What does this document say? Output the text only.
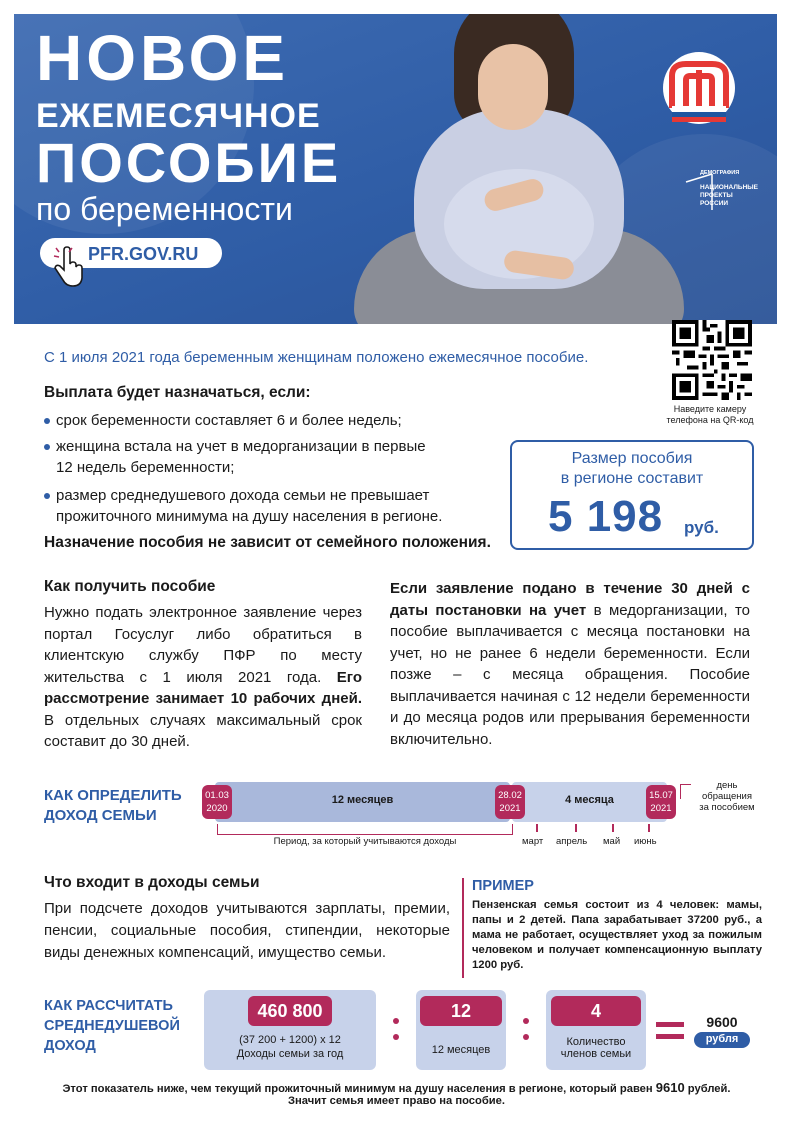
НОВОЕ
ЕЖЕМЕСЯЧНОЕ
ПОСОБИЕ
по беременности
PFR.GOV.RU
ДЕМОГРАФИЯ
НАЦИОНАЛЬНЫЕ
ПРОЕКТЫ
РОССИИ
С 1 июля 2021 года беременным женщинам положено ежемесячное пособие.
Наведите камеру
телефона на QR-код
Выплата будет назначаться, если:
срок беременности составляет 6 и более недель;
женщина встала на учет в медорганизации в первые
12 недель беременности;
размер среднедушевого дохода семьи не превышает
прожиточного минимума на душу населения в регионе.
Назначение пособия не зависит от семейного положения.
Размер пособия
в регионе составит
5 198 руб.
Как получить пособие
Нужно подать электронное заявление через портал Госуслуг либо обратиться в клиентскую службу ПФР по месту жительства с 1 июля 2021 года. Его рассмотрение занимает 10 рабочих дней. В отдельных случаях максимальный срок составит до 30 дней.
Если заявление подано в течение 30 дней с даты постановки на учет в медорганизации, то пособие выплачивается с месяца постановки на учет, но не ранее 6 недели беременности. Если позже – с месяца обращения. Пособие выплачивается начиная с 12 недели беременности и до месяца родов или прерывания беременности включительно.
КАК ОПРЕДЕЛИТЬ
ДОХОД СЕМЬИ
12 месяцев	4 месяца
01.03
2020
28.02
2021
15.07
2021
день
обращения
за пособием
Период, за который учитываются доходы	март апрель май июнь
Что входит в доходы семьи
При подсчете доходов учитываются зарплаты, премии, пенсии, социальные пособия, стипендии, некоторые виды денежных компенсаций, имущество семьи.
ПРИМЕР
Пензенская семья состоит из 4 человек: мамы, папы и 2 детей. Папа зарабатывает 37200 руб., а мама не работает, осуществляет уход за пожилым человеком и получает компенсационную выплату 1200 руб.
КАК РАССЧИТАТЬ
СРЕДНЕДУШЕВОЙ
ДОХОД
460 800	12	4
(37 200 + 1200) х 12
Доходы семьи за год	12 месяцев
Количество
членов семьи
9600
рубля
Этот показатель ниже, чем текущий прожиточный минимум на душу населения в регионе, который равен 9610 рублей.
Значит семья имеет право на пособие.
